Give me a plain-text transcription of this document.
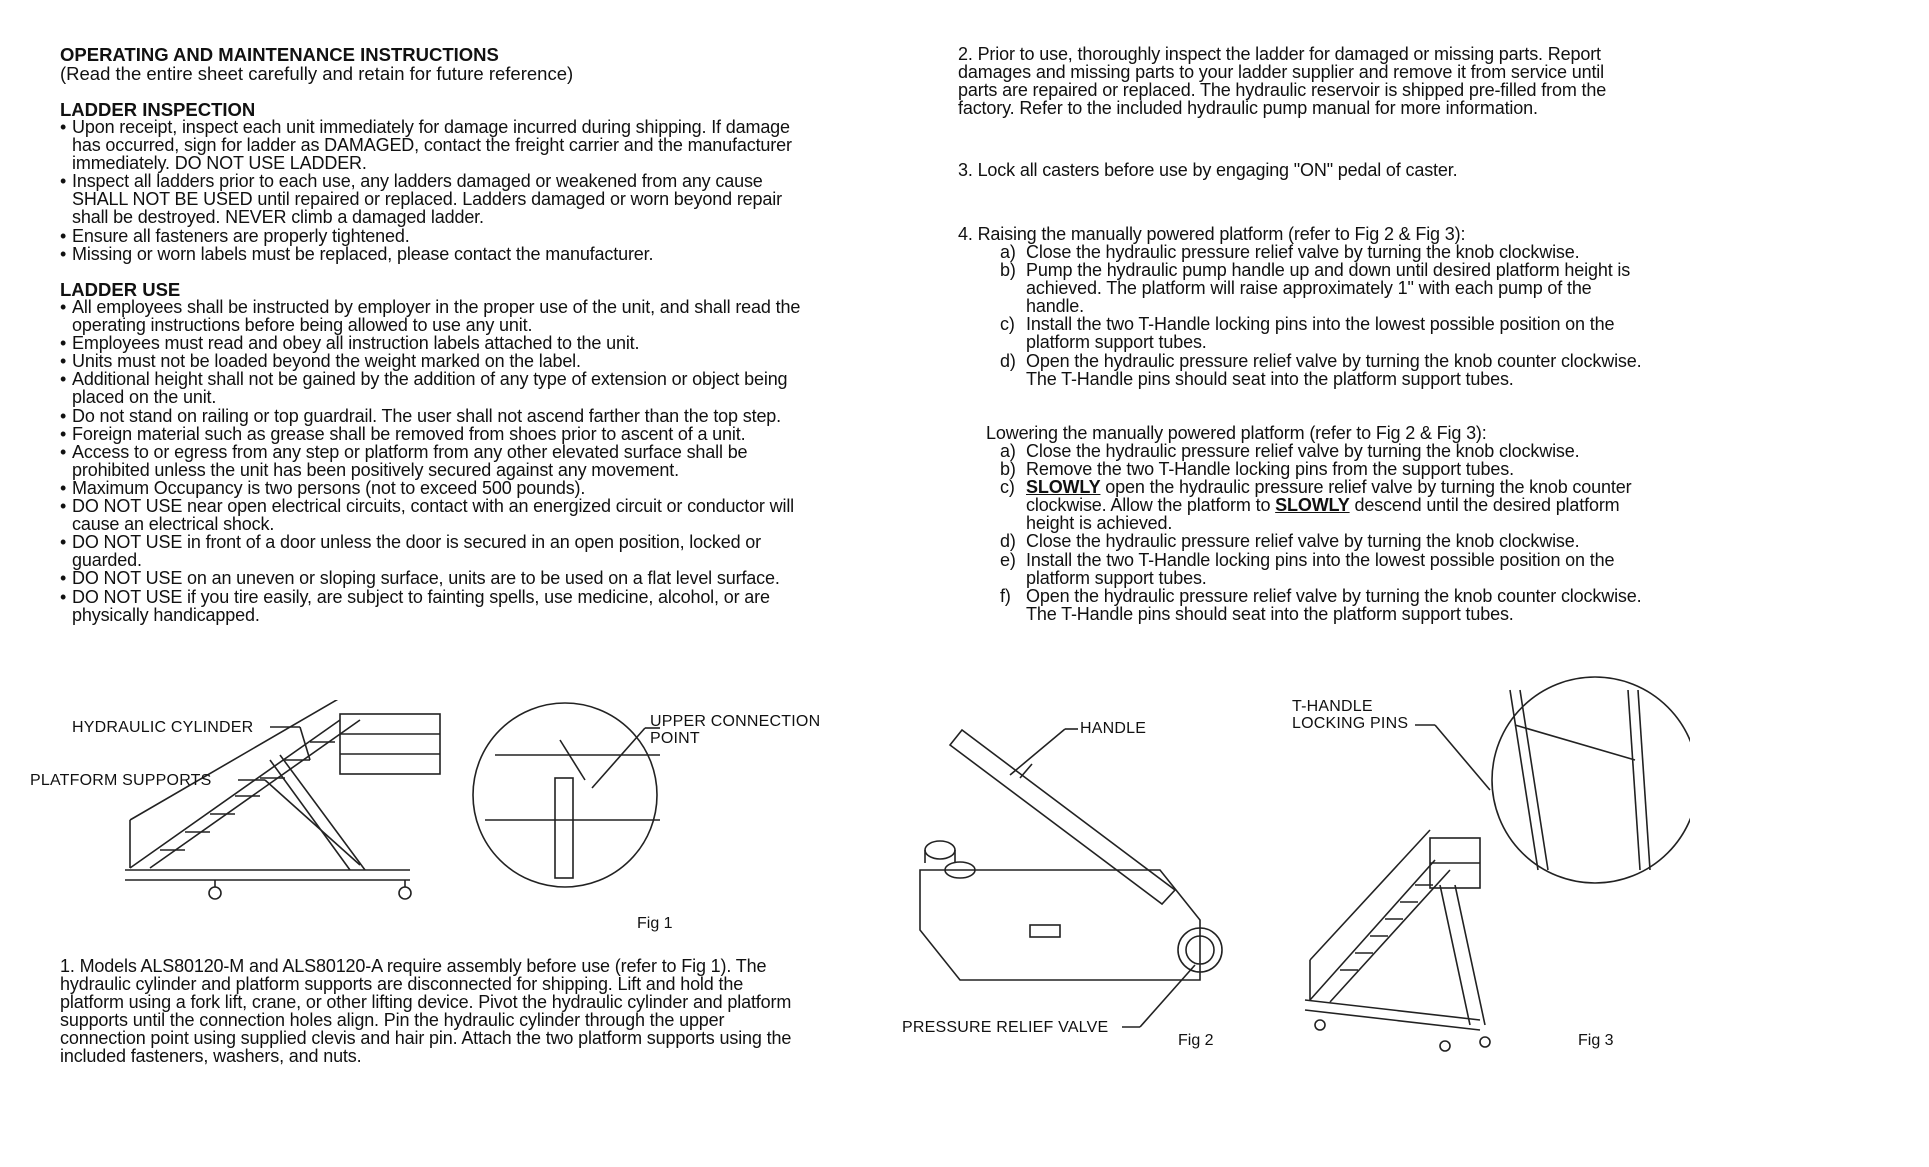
OPERATING AND MAINTENANCE INSTRUCTIONS
(Read the entire sheet carefully and retain for future reference)
LADDER INSPECTION
• Upon receipt, inspect each unit immediately for damage incurred during shipping. If damage has occurred, sign for ladder as DAMAGED, contact the freight carrier and the manufacturer immediately. DO NOT USE LADDER.
• Inspect all ladders prior to each use, any ladders damaged or weakened from any cause SHALL NOT BE USED until repaired or replaced. Ladders damaged or worn beyond repair shall be destroyed. NEVER climb a damaged ladder.
• Ensure all fasteners are properly tightened.
• Missing or worn labels must be replaced, please contact the manufacturer.
LADDER USE
• All employees shall be instructed by employer in the proper use of the unit, and shall read the operating instructions before being allowed to use any unit.
• Employees must read and obey all instruction labels attached to the unit.
• Units must not be loaded beyond the weight marked on the label.
• Additional height shall not be gained by the addition of any type of extension or object being placed on the unit.
• Do not stand on railing or top guardrail. The user shall not ascend farther than the top step.
• Foreign material such as grease shall be removed from shoes prior to ascent of a unit.
• Access to or egress from any step or platform from any other elevated surface shall be prohibited unless the unit has been positively secured against any movement.
• Maximum Occupancy is two persons (not to exceed 500 pounds).
• DO NOT USE near open electrical circuits, contact with an energized circuit or conductor will cause an electrical shock.
• DO NOT USE in front of a door unless the door is secured in an open position, locked or guarded.
• DO NOT USE on an uneven or sloping surface, units are to be used on a flat level surface.
• DO NOT USE if you tire easily, are subject to fainting spells, use medicine, alcohol, or are physically handicapped.
HYDRAULIC CYLINDER
PLATFORM SUPPORTS
UPPER CONNECTION
POINT
Fig 1

1. Models ALS80120-M and ALS80120-A require assembly before use (refer to Fig 1). The hydraulic cylinder and platform supports are disconnected for shipping. Lift and hold the platform using a fork lift, crane, or other lifting device. Pivot the hydraulic cylinder and platform supports until the connection holes align. Pin the hydraulic cylinder through the upper connection point using supplied clevis and hair pin. Attach the two platform supports using the included fasteners, washers, and nuts.

2. Prior to use, thoroughly inspect the ladder for damaged or missing parts. Report damages and missing parts to your ladder supplier and remove it from service until parts are repaired or replaced. The hydraulic reservoir is shipped pre-filled from the factory. Refer to the included hydraulic pump manual for more information.

3. Lock all casters before use by engaging "ON" pedal of caster.

4. Raising the manually powered platform (refer to Fig 2 & Fig 3):

a) Close the hydraulic pressure relief valve by turning the knob clockwise.
b) Pump the hydraulic pump handle up and down until desired platform height is achieved. The platform will raise approximately 1" with each pump of the handle.
c) Install the two T-Handle locking pins into the lowest possible position on the platform support tubes.
d) Open the hydraulic pressure relief valve by turning the knob counter clockwise. The T-Handle pins should seat into the platform support tubes.

Lowering the manually powered platform (refer to Fig 2 & Fig 3):

a) Close the hydraulic pressure relief valve by turning the knob clockwise.
b) Remove the two T-Handle locking pins from the support tubes.
c) SLOWLY open the hydraulic pressure relief valve by turning the knob counter clockwise. Allow the platform to SLOWLY descend until the desired platform height is achieved.
d) Close the hydraulic pressure relief valve by turning the knob clockwise.
e) Install the two T-Handle locking pins into the lowest possible position on the platform support tubes.
f) Open the hydraulic pressure relief valve by turning the knob counter clockwise. The T-Handle pins should seat into the platform support tubes.
HANDLE
PRESSURE RELIEF VALVE
Fig 2
T-HANDLE
LOCKING PINS
Fig 3
